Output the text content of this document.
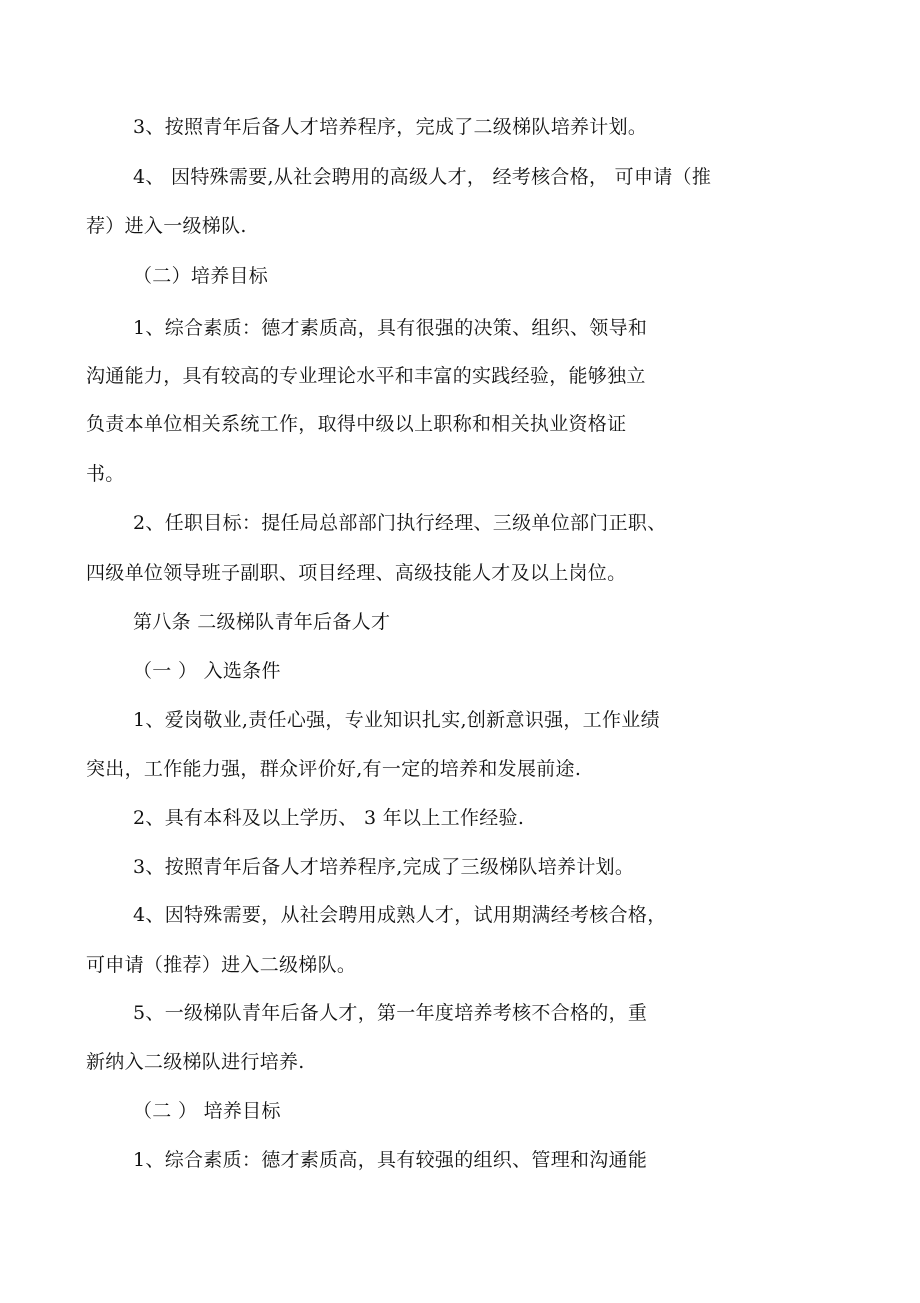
3、按照青年后备人才培养程序，完成了二级梯队培养计划。
4、 因特殊需要,从社会聘用的高级人才， 经考核合格， 可申请（推
荐）进入一级梯队.
（二）培养目标
1、综合素质：德才素质高，具有很强的决策、组织、领导和
沟通能力，具有较高的专业理论水平和丰富的实践经验，能够独立
负责本单位相关系统工作，取得中级以上职称和相关执业资格证
书。
2、任职目标：提任局总部部门执行经理、三级单位部门正职、
四级单位领导班子副职、项目经理、高级技能人才及以上岗位。
第八条 二级梯队青年后备人才
（一 ） 入选条件
1、爱岗敬业,责任心强，专业知识扎实,创新意识强，工作业绩
突出，工作能力强，群众评价好,有一定的培养和发展前途.
2、具有本科及以上学历、 3 年以上工作经验.
3、按照青年后备人才培养程序,完成了三级梯队培养计划。
4、因特殊需要，从社会聘用成熟人才，试用期满经考核合格，
可申请（推荐）进入二级梯队。
5、一级梯队青年后备人才，第一年度培养考核不合格的，重
新纳入二级梯队进行培养.
（二 ） 培养目标
1、综合素质：德才素质高，具有较强的组织、管理和沟通能
